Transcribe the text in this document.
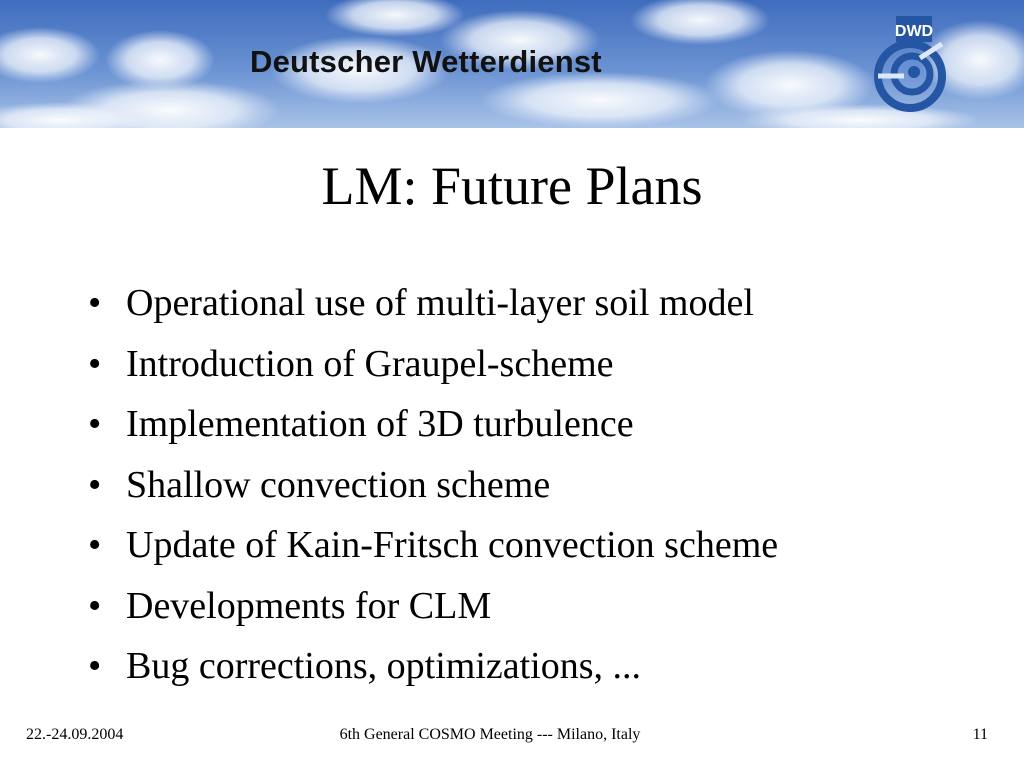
Deutscher Wetterdienst
DWD
LM: Future Plans
• Operational use of multi-layer soil model
• Introduction of Graupel-scheme
• Implementation of 3D turbulence
• Shallow convection scheme
• Update of Kain-Fritsch convection scheme
• Developments for CLM
• Bug corrections, optimizations, ...
22.-24.09.2004	6th General COSMO Meeting --- Milano, Italy	11
